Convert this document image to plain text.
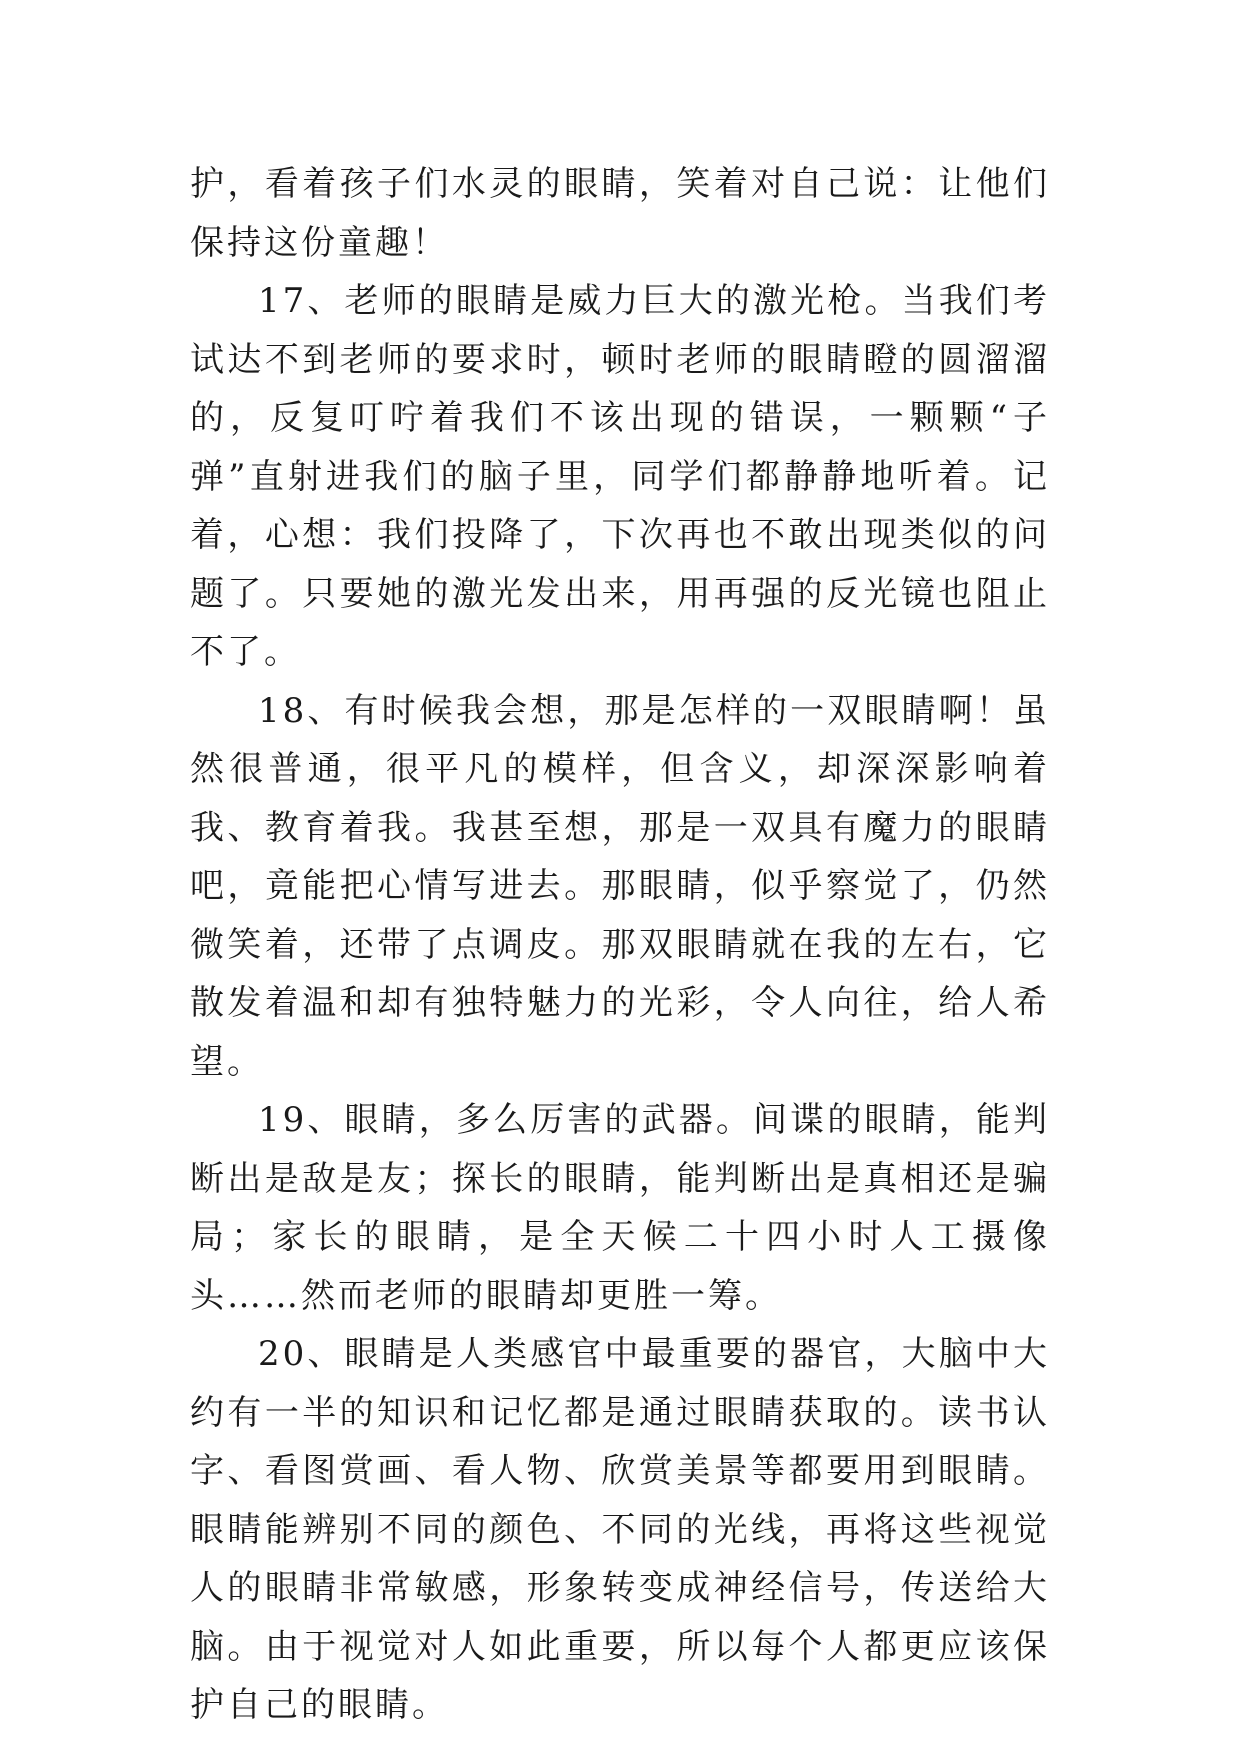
护，看着孩子们水灵的眼睛，笑着对自己说：让他们保持这份童趣！

17、老师的眼睛是威力巨大的激光枪。当我们考试达不到老师的要求时，顿时老师的眼睛瞪的圆溜溜的，反复叮咛着我们不该出现的错误，一颗颗“子弹”直射进我们的脑子里，同学们都静静地听着。记着，心想：我们投降了，下次再也不敢出现类似的问题了。只要她的激光发出来，用再强的反光镜也阻止不了。

18、有时候我会想，那是怎样的一双眼睛啊！虽然很普通，很平凡的模样，但含义，却深深影响着我、教育着我。我甚至想，那是一双具有魔力的眼睛吧，竟能把心情写进去。那眼睛，似乎察觉了，仍然微笑着，还带了点调皮。那双眼睛就在我的左右，它散发着温和却有独特魅力的光彩，令人向往，给人希望。

19、眼睛，多么厉害的武器。间谍的眼睛，能判断出是敌是友；探长的眼睛，能判断出是真相还是骗局；家长的眼睛，是全天候二十四小时人工摄像头……然而老师的眼睛却更胜一筹。

20、眼睛是人类感官中最重要的器官，大脑中大约有一半的知识和记忆都是通过眼睛获取的。读书认字、看图赏画、看人物、欣赏美景等都要用到眼睛。眼睛能辨别不同的颜色、不同的光线，再将这些视觉人的眼睛非常敏感，形象转变成神经信号，传送给大脑。由于视觉对人如此重要，所以每个人都更应该保护自己的眼睛。
